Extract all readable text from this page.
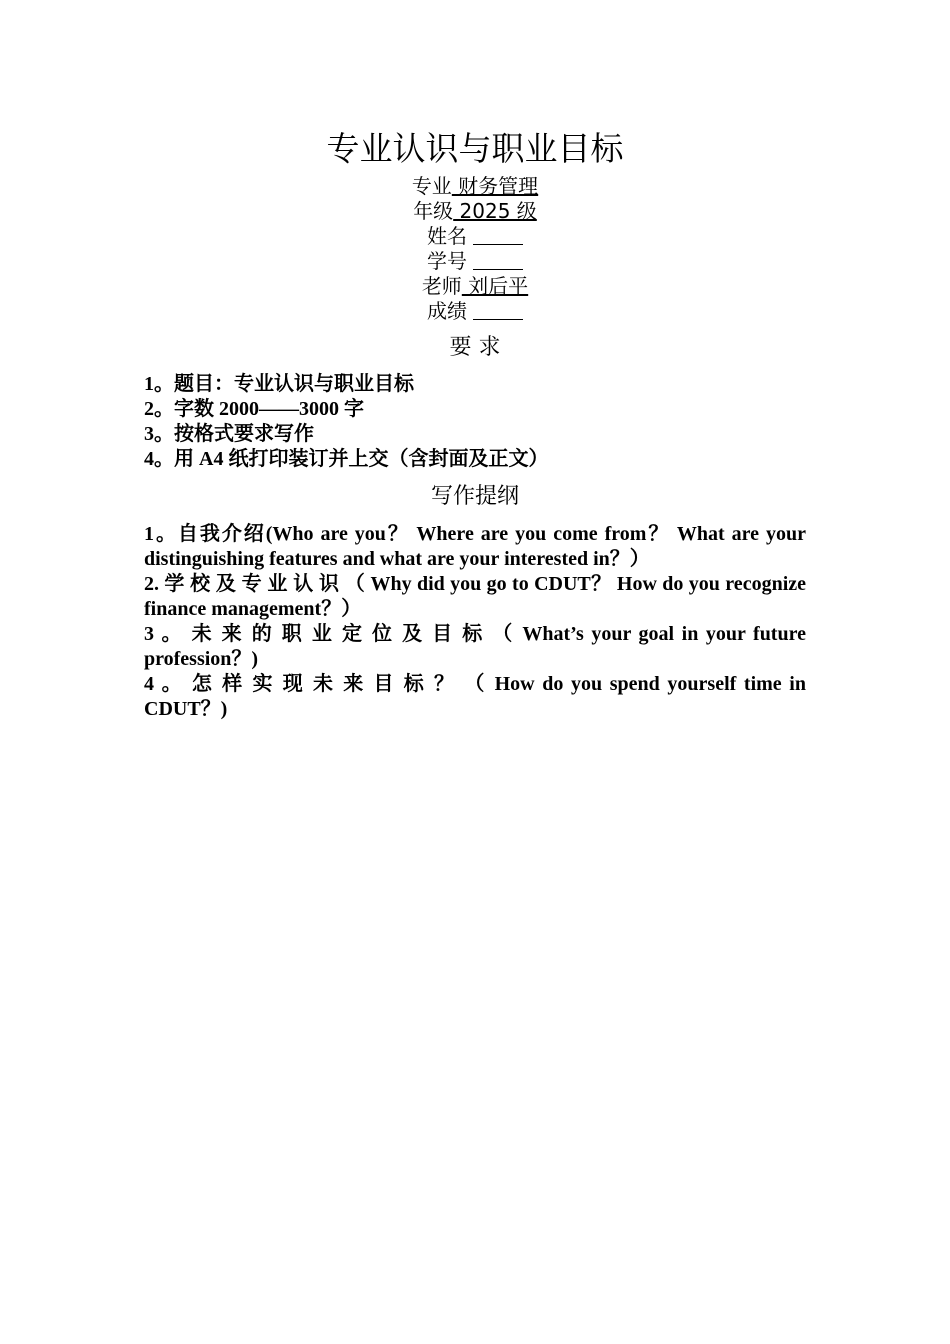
专业认识与职业目标
专业 财务管理
年级 2025 级
姓名
学号
老师 刘后平
成绩
要 求
1。题目：专业认识与职业目标
2。字数 2000——3000 字
3。按格式要求写作
4。用 A4 纸打印装订并上交（含封面及正文）
写作提纲
1。自我介绍(Who are you？ Where are you come from？ What are your distinguishing features and what are your interested in？）
2. 学 校 及 专 业 认 识 （ Why did you go to CDUT？ How do you recognize finance management？）
3 。 未 来 的 职 业 定 位 及 目 标 （ What’s your goal in your future profession？)
4 。 怎 样 实 现 未 来 目 标 ？ （ How do you spend yourself time in CDUT？)
